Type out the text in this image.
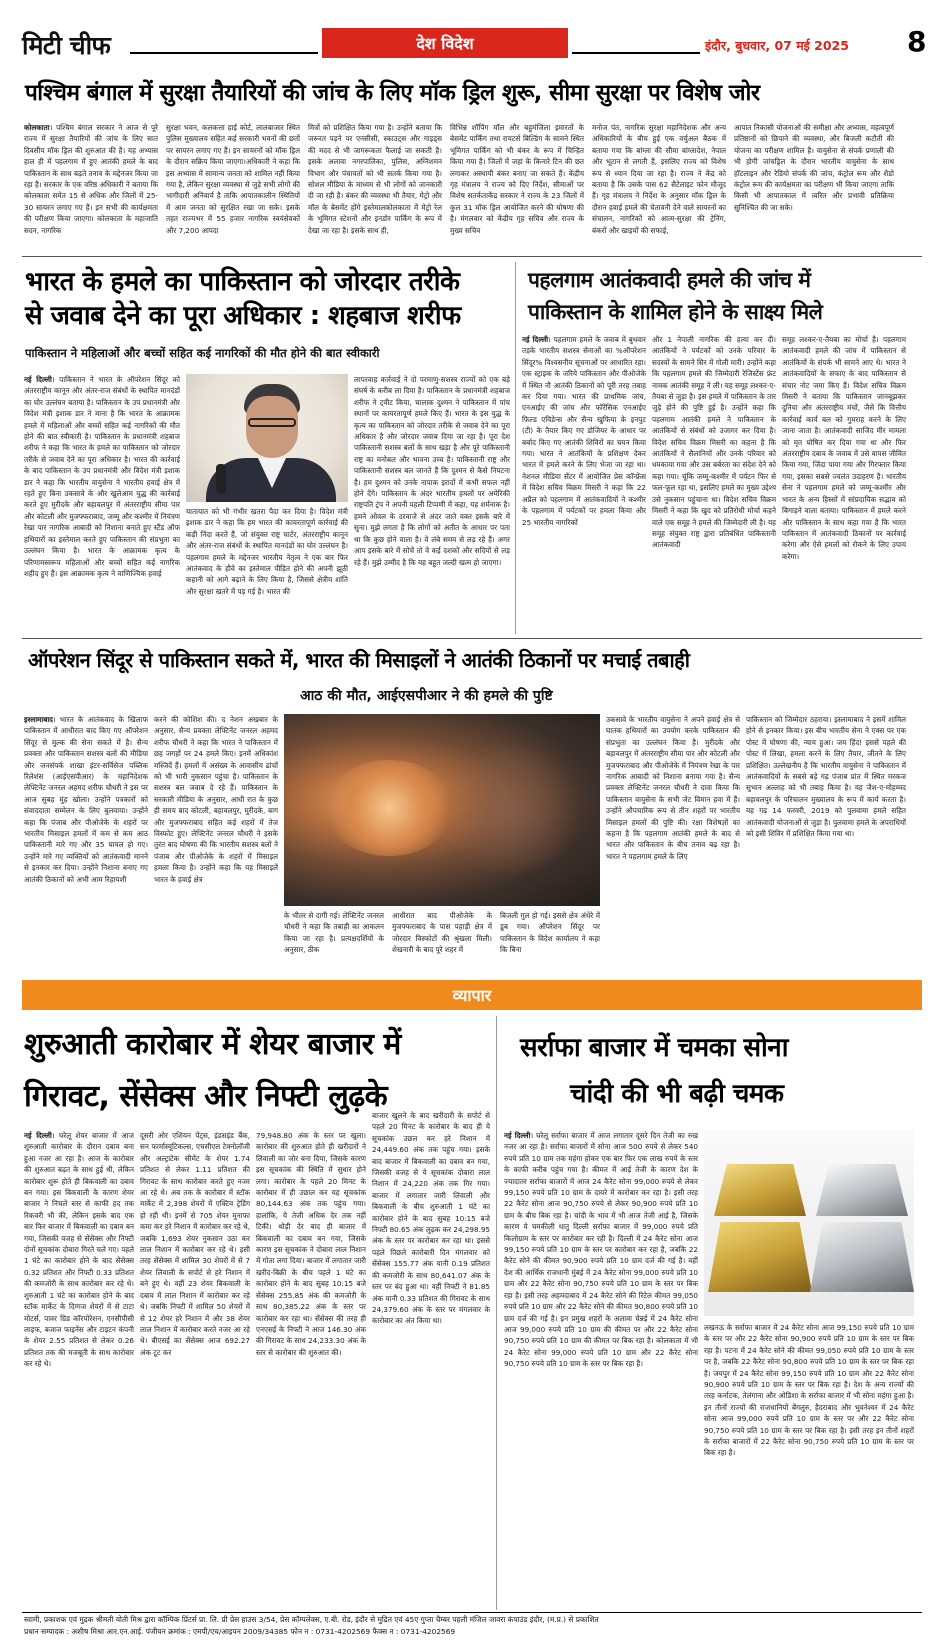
मिटी चीफ	देश विदेश	इंदौर, बुधवार, 07 मई 2025 8
पश्चिम बंगाल में सुरक्षा तैयारियों की जांच के लिए मॉक ड्रिल शुरू, सीमा सुरक्षा पर विशेष जोर
कोलकाता। पश्चिम बंगाल सरकार ने आज से पूरे राज्य में सुरक्षा तैयारियों की जांच के लिए सात दिवसीय मॉक ड्रिल की शुरुआत की है। यह अभ्यास हाल ही में पहलगाम में हुए आतंकी हमले के बाद पाकिस्तान के साथ बढ़ते तनाव के मद्देनजर किया जा रहा है। सरकार के एक वरिष्ठ अधिकारी ने बताया कि कोलकाता समेत 15 से अधिक और जिलों में 25-30 सायरन लगाए गए हैं। इन सभी की कार्यक्षमता की परीक्षण किया जाएगा। कोलकाता के महाजाति सदन, नागरिक
सुरक्षा भवन, कलकत्ता हाई कोर्ट, लालबाजार स्थित पुलिस मुख्यालय सहित कई सरकारी भवनों की छतों पर सायरन लगाए गए हैं। इन सायरनों को मॉक ड्रिल के दौरान सक्रिय किया जाएगा।अधिकारी ने कहा कि इस अभ्यास में सामान्य जनता को शामिल नहीं किया गया है, लेकिन सुरक्षा व्यवस्था से जुड़े सभी लोगों की भागीदारी अनिवार्य है ताकि आपातकालीन स्थितियों में आम जनता को सुरक्षित रखा जा सके। इसके तहत राज्यभर में 55 हजार नागरिक स्वयंसेवकों और 7,200 आपदा
मित्रों को प्रशिक्षित किया गया है। उन्होंने बताया कि जरूरत पड़ने पर एनसीसी, स्काउट्स और गाइड्स की मदद से भी जागरूकता फैलाई जा सकती है। इसके अलावा नगरपालिका, पुलिस, अग्निशमन विभाग और पंचायतों को भी सतर्क किया गया है। सोशल मीडिया के माध्यम से भी लोगों को जानकारी दी जा रही है। बंकर की व्यवस्था भी तैयार, मेट्रो और मॉल के बेसमेंट होंगे इस्तेमालकोलकाता में मेट्रो रेल के भूमिगत स्टेशनों और इनडोर पार्किंग के रूप में देखा जा रहा है। इसके साथ ही,
विभिन्न शॉपिंग मॉल और बहुमंजिला इमारतों के बेसमेंट पार्किंग तथा रायटर्स बिल्डिंग के सामने स्थित भूमिगत पार्किंग को भी बंकर के रूप में चिन्हित किया गया है। जिलों में जहां के किनारे टिन की छत लगाकर अस्थायी बंकर बनाए जा सकते हैं। केंद्रीय गृह मंत्रालय ने राज्य को दिए निर्देश, सीमाओं पर विशेष सतर्कताकेंद्र सरकार ने राज्य के 23 जिलों में कुल 31 मॉक ड्रिल आयोजित करने की घोषणा की है। मंगलवार को केंद्रीय गृह सचिव और राज्य के मुख्य सचिव
मनोज पंत, नागरिक सुरक्षा महानिदेशक और अन्य अधिकारियों के बीच हुई एक वर्चुअल बैठक में बताया गया कि बांग्ला की सीमा बांग्लादेश, नेपाल और भूटान से लगती है, इसलिए राज्य को विशेष रूप से ध्यान दिया जा रहा है। राज्य ने केंद्र को बताया है कि उसके पास 62 सैटेलाइट फोन मौजूद हैं। गृह मंत्रालय ने निर्देश के अनुसार मॉक ड्रिल के दौरान हवाई हमले की चेतावनी देने वाले सायरनों का संचालन, नागरिकों को आत्म-सुरक्षा की ट्रेनिंग, बंकरों और खाइयों की सफाई,
आपात निकासी योजनाओं की समीक्षा और अभ्यास, महत्वपूर्ण प्रतिष्ठानों को छिपाने की व्यवस्था, और बिजली कटौती की योजना का परीक्षण शामिल है। वायुसेना से संपर्क प्रणाली की भी होगी जांचड्रिल के दौरान भारतीय वायुसेना के साथ हॉटलाइन और रेडियो संपर्क की जांच, कंट्रोल रूम और शैडो कंट्रोल रूम की कार्यक्षमता का परीक्षण भी किया जाएगा ताकि किसी भी आपातकाल में त्वरित और प्रभावी प्रतिक्रिया सुनिश्चित की जा सके।
भारत के हमले का पाकिस्तान को जोरदार तरीके
से जवाब देने का पूरा अधिकार : शहबाज शरीफ
पाकिस्तान ने महिलाओं और बच्चों सहित कई नागरिकों की मौत होने की बात स्वीकारी
नई दिल्ली। पाकिस्तान ने भारत के ऑपरेशन सिंदूर को अंतरराष्ट्रीय कानून और अंतर-राज संबंधों के स्थापित मानदंडों का घोर उल्लंघन बताया है। पाकिस्तान के उप प्रधानमंत्री और विदेश मंत्री इशाक डार ने माना है कि भारत के आक्रामक हमले में महिलाओं और बच्चों सहित कई नागरिकों की मौत होने की बात स्वीकारी है। पाकिस्तान के प्रधानमंत्री शहबाज शरीफ ने कहा कि भारत के हमले का पाकिस्तान को जोरदार तरीके से जवाब देने का पूरा अधिकार है। भारत की कार्रवाई के बाद पाकिस्तान के उप प्रधानमंत्री और विदेश मंत्री इशाक डार ने कहा कि भारतीय वायुसेना ने भारतीय हवाई क्षेत्र में रहते हुए बिना उकसावे के और खुलेआम युद्ध की कार्रवाई करते हुए मुरीदके और बहावलपुर में अंतरराष्ट्रीय सीमा पार और कोटली और मुजफ्फराबाद, जम्मू और कश्मीर में नियंत्रण रेखा पार नागरिक आबादी को निशाना बनाते हुए स्टैंड ऑफ हथियारों का इस्तेमाल करते हुए पाकिस्तान की संप्रभुता का उल्लंघन किया है। भारत के आक्रामक कृत्य के परिणामस्वरूप महिलाओं और बच्चों सहित कई नागरिक शहीद हुए हैं। इस आक्रामक कृत्य ने वाणिज्यिक हवाई
यातायात को भी गंभीर खतरा पैदा कर दिया है। विदेश मंत्री इशाक डार ने कहा कि हम भारत की कायरतापूर्ण कार्रवाई की कड़ी निंदा करते हैं, जो संयुक्त राष्ट्र चार्टर, अंतरराष्ट्रीय कानून और अंतर-राज संबंधों के स्थापित मानदंडों का घोर उल्लंघन है। पहलगाम हमले के मद्देनजर भारतीय नेतृत्व ने एक बार फिर आतंकवाद के हौवे का इस्तेमाल पीड़ित होने की अपनी झूठी कहानी को आगे बढ़ाने के लिए किया है, जिससे क्षेत्रीय शांति और सुरक्षा खतरे में पड़ गई है। भारत की
लापरवाह कार्रवाई ने दो परमाणु-सशस्त्र राज्यों को एक बड़े संघर्ष के करीब ला दिया है। पाकिस्तान के प्रधानमंत्री शहबाज शरीफ ने ट्वीट किया, चालाक दुश्मन ने पाकिस्तान में पांच स्थानों पर कायरतापूर्ण हमले किए हैं। भारत के इस युद्ध के कृत्य का पाकिस्तान को जोरदार तरीके से जवाब देने का पूरा अधिकार है और जोरदार जवाब दिया जा रहा है। पूरा देश पाकिस्तानी सशस्त्र बलों के साथ खड़ा है और पूरे पाकिस्तानी राष्ट्र का मनोबल और भावना उच्च है। पाकिस्तानी राष्ट्र और पाकिस्तानी सशस्त्र बल जानते हैं कि दुश्मन से कैसे निपटना है। हम दुश्मन को उनके नापाक इरादों में कभी सफल नहीं होने देंगे। पाकिस्तान के अंदर भारतीय हमलों पर अमेरिकी राष्ट्रपति ट्रंप ने अपनी पहली टिप्पणी में कहा, यह शर्मनाक है। हमने ओवल के दरवाजे से अंदर जाते वक्त इसके बारे में सुना। मुझे लगता है कि लोगों को अतीत के आधार पर पता था कि कुछ होने वाला है। वे लंबे समय से लड़ रहे हैं। अगर आप इसके बारे में सोचें तो वे कई दशकों और सदियों से लड़ रहे हैं। मुझे उम्मीद है कि यह बहुत जल्दी खत्म हो जाएगा।
पहलगाम आतंकवादी हमले की जांच में
पाकिस्तान के शामिल होने के साक्ष्य मिले
नई दिल्ली। पहलगाम हमले के जवाब में बुधवार तड़के भारतीय सशस्त्र सेनाओं का %ऑपरेशन सिंदूर% विश्वसनीय सूचनाओं पर आधारित रहा। एक स्ट्राइक के जरिये पाकिस्तान और पीओजेके में स्थित नौ आतंकी ठिकानों को पूरी तरह तबाह कर दिया गया। भारत की प्राथमिक जांच, एनआईए की जांच और फॉरेंसिक एनआईए फ़िल्ड एविडेन्स और सैन्य खुफिया के इनपुट (टी) के तैयार किए गए डोजियर के आधार पर बर्बाद किए गए आतंकी शिविरों का चयन किया गया। भारत ने आतंकियों के प्रशिक्षण देकर भारत में हमले करने के लिए भेजा जा रहा था। नेशनल मीडिया सेंटर में आयोजित प्रेस कॉन्फ्रेंस में विदेश सचिव विक्रम मिसरी ने कहा कि 22 अप्रैल को पहलगाम में आतंकवादियों ने कश्मीर के पहलगाम में पर्यटकों पर हमला किया और 25 भारतीय नागरिकों
और 1 नेपाली नागरिक की हत्या कर दी। आतंकियों ने पर्यटकों को उनके परिवार के सदस्यों के सामने सिर में गोली मारी। उन्होंने कहा कि पहलगाम हमले की जिम्मेदारी रेजिस्टेंस फ्रंट नामक आतंकी समूह ने ली। यह समूह लश्कर-ए-तैयबा से जुड़ा है। इस हमले में पाकिस्तान के तार जुड़े होने की पुष्टि हुई है। उन्होंने कहा कि पहलगाम आतंकी हमले ने पाकिस्तान के आतंकियों से संबंधों को उजागर कर दिया है। विदेश सचिव विक्रम मिसरी का कहना है कि आतंकियों ने सैलानियों और उनके परिवार को धमकाया गया और उस बर्बरता का संदेश देने को कहा गया। चूंकि जम्मू-कश्मीर में पर्यटन फिर से फल-फूल रहा था, इसलिए हमले का मुख्य उद्देश्य उसे नुकसान पहुंचाना था। विदेश सचिव विक्रम मिसरी ने कहा कि खुद को प्रतिरोधी मोर्चा कहने वाले एक समूह ने हमले की जिम्मेदारी ली है। यह समूह संयुक्त राष्ट्र द्वारा प्रतिबंधित पाकिस्तानी आतंकवादी
समूह लश्कर-ए-तैयबा का मोर्चा है। पहलगाम आतंकवादी हमले की जांच में पाकिस्तान से आतंकियों के संपर्क भी सामने आए थे। भारत ने आतंकवादियों के सफाए के बाद पाकिस्तान से संचार नोट जमा किए हैं। विदेश सचिव विक्रम मिसरी ने बताया कि पाकिस्तान जानबूझकर दुनिया और अंतरराष्ट्रीय मंचों, जैसे कि वित्तीय कार्रवाई कार्य बल को गुमराह करने के लिए जाना जाता है। आतंकवादी साजिद मीर मामला को मृत घोषित कर दिया गया था और फिर अंतरराष्ट्रीय दबाव के जवाब में उसे वापस जीवित किया गया, जिंदा पाया गया और गिरफ्तार किया गया, इसका सबसे ज्वलंत उदाहरण है। भारतीय सेना ने पहलगाम हमले को जम्मू-कश्मीर और भारत के अन्य हिस्सों में सांप्रदायिक सद्भाव को बिगाड़ने वाला बताया। पाकिस्तान में हमले करने और पाकिस्तान के साथ कहा गया है कि भारत पाकिस्तान में आतंकवादी ठिकानों पर कार्रवाई करेगा और ऐसे हमलों को रोकने के लिए उपाय करेगा।
ऑपरेशन सिंदूर से पाकिस्तान सकते में, भारत की मिसाइलों ने आतंकी ठिकानों पर मचाई तबाही
आठ की मौत, आईएसपीआर ने की हमले की पुष्टि
इस्लामाबाद। भारत के आतंकवाद के खिलाफ पाकिस्तान में आधीरात बाद किए गए ऑपरेशन सिंदूर से मुल्क की सेना सकते में है। सैन्य प्रवक्ता और पाकिस्तान सशस्त्र बलों की मीडिया और जनसंपर्क शाखा इंटर-सर्विसेज पब्लिक रिलेशंस (आईएसपीआर) के महानिदेशक लेफ्टिनेंट जनरल अहमद शरीफ चौधरी ने इस पर आज सुबह मुंह खोला। उन्होंने पत्रकारों को संवाददाता सम्मेलन के लिए बुलवाया। उन्होंने कहा कि पंजाब और पीओजेके के शहरों पर भारतीय मिसाइल हमलों में कम से कम आठ पाकिस्तानी मारे गए और 35 घायल हो गए। उन्होंने मारे गए व्यक्तियों को आतंकवादी मानने से इनकार कर दिया। उन्होंने निशाना बनाए गए आतंकी ठिकानों को अभी आम रिहायशी
करने की कोशिश की। द नेशन अखबार के अनुसार, सैन्य प्रवक्ता लेफ्टिनेंट जनरल अहमद शरीफ चौधरी ने कहा कि भारत ने पाकिस्तान में छह जगहों पर 24 हमले किए। इनमें अधिकांश मस्जिदें हैं। हमलों में असंख्य के आवासीय ढांचों को भी भारी नुकसान पहुंचा है। पाकिस्तान के सशस्त्र बल जवाब दे रहे हैं। पाकिस्तान के सरकारी मीडिया के अनुसार, आधी रात के कुछ ही समय बाद कोटली, बहावलपुर, मुरीदके, बाग और मुजफ्फराबाद सहित कई शहरों में तेज विस्फोट हुए। लेफ्टिनेंट जनरल चौधरी ने इसके तुरंत बाद घोषणा की कि भारतीय सशस्त्र बलों ने पंजाब और पीओजेके के शहरों में मिसाइल हमला किया है। उन्होंने कहा कि यह मिसाइलें भारत के हवाई क्षेत्र
के भीतर से दागी गई। लेफ्टिनेंट जनरल चौधरी ने कहा कि तबाही का आकलन किया जा रहा है। प्रत्यक्षदर्शियों के अनुसार, ठीक
आधीरात बाद पीओजेके के मुजफ्फराबाद के पास पहाड़ी क्षेत्र में जोरदार विस्फोटों की श्रृंखला मिली। शेखनारी के बाद पूरे शहर में
बिजली गुल हो गई। इससे क्षेत्र अंधेरे में डूब गया। ऑपरेशन सिंदूर पर पाकिस्तान के विदेश कार्यालय ने कहा कि बिना
उकसावे के भारतीय वायुसेना ने अपने हवाई क्षेत्र से घातक हथियारों का उपयोग करके पाकिस्तान की संप्रभुता का उल्लंघन किया है। मुरीदके और बहावलपुर में अंतरराष्ट्रीय सीमा पार और कोटली और मुजफ्फराबाद और पीओजेके में नियंत्रण रेखा के पार नागरिक आबादी को निशाना बनाया गया है। सैन्य प्रवक्ता लेफ्टिनेंट जनरल चौधरी ने दावा किया कि पाकिस्तान वायुसेना के सभी जेट विमान हवा में हैं। उन्होंने औपचारिक रूप से तीन शहरों पर भारतीय मिसाइल हमलों की पुष्टि की। रक्षा विशेषज्ञों का कहना है कि पहलगाम आतंकी हमले के बाद से भारत और पाकिस्तान के बीच तनाव बढ़ रहा है। भारत ने पहलगाम हमले के लिए
पाकिस्तान को जिम्मेदार ठहराया। इस्लामाबाद ने इसमें शामिल होने से इनकार किया। इस बीच भारतीय सेना ने एक्स पर एक पोस्ट में घोषणा की, न्याय हुआ। जय हिंद! इससे पहले की पोस्ट में लिखा, हमला करने के लिए तैयार, जीतने के लिए प्रशिक्षित। उल्लेखनीय है कि भारतीय वायुसेना ने पाकिस्तान में आतंकवादियों के सबसे बड़े गढ़ पंजाब प्रांत में स्थित मरकज सुभान अल्लाह को भी तबाह किया है। यह जैश-ए-मोहम्मद बहावलपुर के परिचालन मुख्यालय के रूप में कार्य करता है। यह गढ़ 14 फरवरी, 2019 को पुलवामा हमले सहित आतंकवादी योजनाओं से जुड़ा है। पुलवामा हमले के अपराधियों को इसी शिविर में प्रशिक्षित किया गया था।
व्यापार
शुरुआती कारोबार में शेयर बाजार में
गिरावट, सेंसेक्स और निफ्टी लुढ़के
नई दिल्ली। घरेलू शेयर बाजार में आज शुरुआती कारोबार के दौरान दबाव बना हुआ नजर आ रहा है। आज के कारोबार की शुरुआत बढ़त के साथ हुई थी, लेकिन कारोबार शुरू होते ही बिकवाली का दबाव बन गया। इस बिकवाली के कारण शेयर बाजार ने निचले स्तर से काफी हद तक रिकवरी भी की, लेकिन इसके बाद एक बार फिर बाजार में बिकवाली का दबाव बन गया, जिसकी वजह से सेंसेक्स और निफ्टी दोनों सूचकांक दोबारा गिरते चले गए। पहले 1 घंटे का कारोबार होने के बाद सेंसेक्स 0.32 प्रतिशत और निफ्टी 0.33 प्रतिशत की कमजोरी के साथ कारोबार कर रहे थे। शुरुआती 1 घंटे का कारोबार होने के बाद स्टॉक मार्केट के दिग्गज शेयरों में से टाटा मोटर्स, पावर ग्रिड कॉरपोरेशन, एनसीपीसी लाइफ, बजाज फाइनेंस और टाइटन कंपनी के शेयर 2.55 प्रतिशत से लेकर 0.26 प्रतिशत तक की मजबूती के साथ कारोबार कर रहे थे।
दूसरी ओर एशियन पेंट्स, इंडसइंड बैंक, सन फार्मास्यूटिकल्स, एचसीएल टेक्नोलॉजी और अल्ट्राटेक सीमेंट के शेयर 1.74 प्रतिशत से लेकर 1.11 प्रतिशत की गिरावट के साथ कारोबार करते हुए नजर आ रहे थे। अब तक के कारोबार में स्टॉक मार्केट में 2,398 शेयरों में एक्टिव ट्रेडिंग हो रही थी। इनमें से 705 शेयर मुनाफा कमा कर हरे निशान में कारोबार कर रहे थे, जबकि 1,693 शेयर नुकसान उठा कर लाल निशान में कारोबार कर रहे थे। इसी तरह सेंसेक्स में शामिल 30 शेयरों में से 7 शेयर लिवाली के सपोर्ट से हरे निशान में बने हुए थे। वहीं 23 शेयर बिकवाली के दबाव में लाल निशान में कारोबार कर रहे थे। जबकि निफ्टी में शामिल 50 शेयरों में से 12 शेयर हरे निशान में और 38 शेयर लाल निशान में कारोबार करते नजर आ रहे थे। बीएसई का सेंसेक्स आज 692.27 अंक टूट कर
79,948.80 अंक के स्तर पर खुला। कारोबार की शुरुआत होते ही खरीदारों ने लिवाली का जोर बना दिया, जिसके कारण इस सूचकांक की स्थिति में सुधार होने लगा। कारोबार के पहले 20 मिनट के कारोबार में ही उछाल कर यह सूचकांक 80,144.63 अंक तक पहुंच गया। हालांकि, ये तेजी अधिक देर तक नहीं टिकी। थोड़ी देर बाद ही बाजार में बिकवाली का दबाव बन गया, जिसके कारण इस सूचकांक ने दोबारा लाल निशान में गोता लगा दिया। बाजार में लगातार जारी खरीद-बिक्री के बीच पहले 1 घंटे का कारोबार होने के बाद सुबह 10:15 बजे सेंसेक्स 255.85 अंक की कमजोरी के साथ 80,385.22 अंक के स्तर पर कारोबार कर रहा था। सेंसेक्स की तरह ही एनएसई के निफ्टी ने आज 146.30 अंक की गिरावट के साथ 24,233.30 अंक के स्तर से कारोबार की शुरुआत की।
बाजार खुलने के बाद खरीदारी के सपोर्ट से पहले 20 मिनट के कारोबार के बाद ही ये सूचकांक उछल कर हरे निशान में 24,449.60 अंक तक पहुंच गया। इसके बाद बाजार में बिकवाली का दबाव बन गया, जिसकी वजह से ये सूचकांक दोबारा लाल निशान में 24,220 अंक तक गिर गया। बाजार में लगातार जारी लिवाली और बिकवाली के बीच शुरुआती 1 घंटे का कारोबार होने के बाद सुबह 10:15 बजे निफ्टी 80.65 अंक लुढ़क कर 24,298.95 अंक के स्तर पर कारोबार कर रहा था। इससे पहले पिछले कारोबारी दिन मंगलवार को सेंसेक्स 155.77 अंक यानी 0.19 प्रतिशत की कमजोरी के साथ 80,641.07 अंक के स्तर पर बंद हुआ था। वहीं निफ्टी ने 81.85 अंक यानी 0.33 प्रतिशत की गिरावट के साथ 24,379.60 अंक के स्तर पर मंगलवार के कारोबार का अंत किया था।
सर्राफा बाजार में चमका सोना
चांदी की भी बढ़ी चमक
नई दिल्ली। घरेलू सर्राफा बाजार में आज लगातार दूसरे दिन तेजी का रुख नजर आ रहा है। सर्राफा बाजारों में सोना आज 500 रुपये से लेकर 540 रुपये प्रति 10 ग्राम तक महंगा होकर एक बार फिर एक लाख रुपये के स्तर के काफी करीब पहुंच गया है। कीमत में आई तेजी के कारण देश के ज्यादातर सर्राफा बाजारों में आज 24 कैरेट सोना 99,000 रुपये से लेकर 99,150 रुपये प्रति 10 ग्राम के दायरे में कारोबार कर रहा है। इसी तरह 22 कैरेट सोना आज 90,750 रुपये से लेकर 90,900 रुपये प्रति 10 ग्राम के बीच बिक रहा है। चांदी के भाव में भी आज तेजी आई है, जिसके कारण ये चमकीली धातु दिल्ली सर्राफा बाजार में 99,000 रुपये प्रति किलोग्राम के स्तर पर कारोबार कर रही है। दिल्ली में 24 कैरेट सोना आज 99,150 रुपये प्रति 10 ग्राम के स्तर पर कारोबार कर रहा है, जबकि 22 कैरेट सोने की कीमत 90,900 रुपये प्रति 10 ग्राम दर्ज की गई है। वहीं देश की आर्थिक राजधानी मुंबई में 24 कैरेट सोना 99,000 रुपये प्रति 10 ग्राम और 22 कैरेट सोना 90,750 रुपये प्रति 10 ग्राम के स्तर पर बिक रहा है। इसी तरह अहमदाबाद में 24 कैरेट सोने की रिटेल कीमत 99,050 रुपये प्रति 10 ग्राम और 22 कैरेट सोने की कीमत 90,800 रुपये प्रति 10 ग्राम दर्ज की गई है। इन प्रमुख शहरों के अलावा चेन्नई में 24 कैरेट सोना आज 99,000 रुपये प्रति 10 ग्राम की कीमत पर और 22 कैरेट सोना 90,750 रुपये प्रति 10 ग्राम की कीमत पर बिक रहा है। कोलकाता में भी 24 कैरेट सोना 99,000 रुपये प्रति 10 ग्राम और 22 कैरेट सोना 90,750 रुपये प्रति 10 ग्राम के स्तर पर बिक रहा है।
लखनऊ के सर्राफा बाजार में 24 कैरेट सोना आज 99,150 रुपये प्रति 10 ग्राम के स्तर पर और 22 कैरेट सोना 90,900 रुपये प्रति 10 ग्राम के स्तर पर बिक रहा है। पटना में 24 कैरेट सोने की कीमत 99,050 रुपये प्रति 10 ग्राम के स्तर पर है, जबकि 22 कैरेट सोना 90,800 रुपये प्रति 10 ग्राम के स्तर पर बिक रहा है। जयपुर में 24 कैरेट सोना 99,150 रुपये प्रति 10 ग्राम और 22 कैरेट सोना 90,900 रुपये प्रति 10 ग्राम के स्तर पर बिक रहा है। देश के अन्य राज्यों की तरह कर्नाटक, तेलंगाना और ओडिशा के सर्राफा बाजार में भी सोना महंगा हुआ है। इन तीनों राज्यों की राजधानियों बेंगलुरु, हैदराबाद और भुवनेश्वर में 24 कैरेट सोना आज 99,000 रुपये प्रति 10 ग्राम के स्तर पर और 22 कैरेट सोना 90,750 रुपये प्रति 10 ग्राम के स्तर पर बिक रहा है। इसी तरह इन तीनों शहरों के सर्राफा बाजारों में 22 कैरेट सोना 90,750 रुपये प्रति 10 ग्राम के स्तर पर बिक रहा है।
स्वामी, प्रकाशक एवं मुद्रक श्रीमती योती मिश्र द्वारा कॉम्पिक प्रिंटर्स प्रा. लि. प्री प्रेस हाउस 3/54, प्रेस कॉम्पलेक्स, ए.बी. रोड, इंदौर से मुद्रित एवं 45ए गुप्ता चैम्बर पहली मंजिल जावरा कंपाउंड इंदौर, (म.प्र.) से प्रकाशित
प्रधान सम्पादक : अशीष मिश्रा आर.एन.आई. पंजीयन क्रमांक : एमपी/एच/आइपन 2009/34385 फोन न : 0731-4202569 फैक्स न : 0731-4202569
